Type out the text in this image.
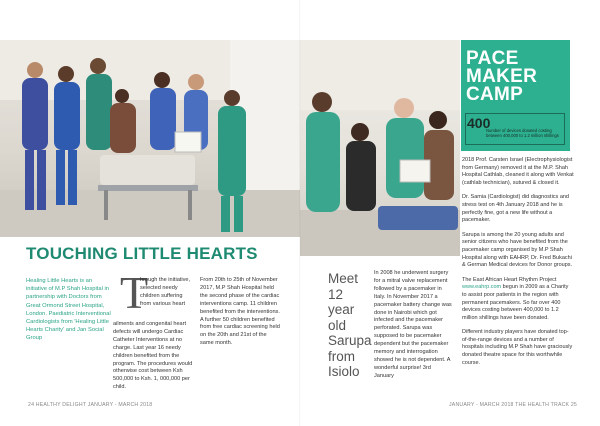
TOUCHING LITTLE HEARTS
Healing Little Hearts is an initiative of M.P Shah Hospital in partnership with Doctors from Great Ormond Street Hospital, London. Paediatric Interventional Cardiologists from 'Healing Little Hearts Charity' and Jan Social Group
T
hrough the initiative, selected needy children suffering from various heart
ailments and congenital heart defects will undergo Cardiac Catheter Interventions at no charge. Last year 16 needy children benefited from the program. The procedures would otherwise cost between Ksh 500,000 to Ksh. 1, 000,000 per child.
From 20th to 25th of November 2017, M.P Shah Hospital held the second phase of the cardiac interventions camp. 11 children benefited from the interventions. A further 50 children benefited from free cardiac screening held on the 20th and 21st of the same month.
24 HEALTHY DELIGHT JANUARY - MARCH 2018
Meet 12 year old Sarupa from Isiolo
In 2008 he underwent surgery for a mitral valve replacement followed by a pacemaker in Italy. In November 2017 a pacemaker battery change was done in Nairobi which got infected and the pacemaker perforated. Sarupa was supposed to be pacemaker dependent but the pacemaker memory and interrogation showed he is not dependent. A wonderful surprise! 3rd January
PACE MAKER CAMP
400
Number of devices donated costing between 400,000 to 1.2 million shillings

2018 Prof. Carsten Israel (Electrophysiologist from Germany) removed it at the M.P. Shah Hospital Cathlab, cleaned it along with Venkat (cathlab technician), sutured & closed it.

Dr. Samia (Cardiologist) did diagnostics and stress test on 4th January 2018 and he is perfectly fine, got a new life without a pacemaker.

Sarupa is among the 20 young adults and senior citizens who have benefited from the pacemaker camp organised by M.P Shah Hospital along with EAHRP, Dr. Fred Bukachi & German Medical devices for Donor groups.

The East African Heart Rhythm Project www.eahrp.com begun in 2009 as a Charity to assist poor patients in the region with permanent pacemakers. So far over 400 devices costing between 400,000 to 1.2 million shillings have been donated.

Different industry players have donated top-of-the-range devices and a number of hospitals including M.P Shah have graciously donated theatre space for this worthwhile course.

JANUARY - MARCH 2018 THE HEALTH TRACK 25
